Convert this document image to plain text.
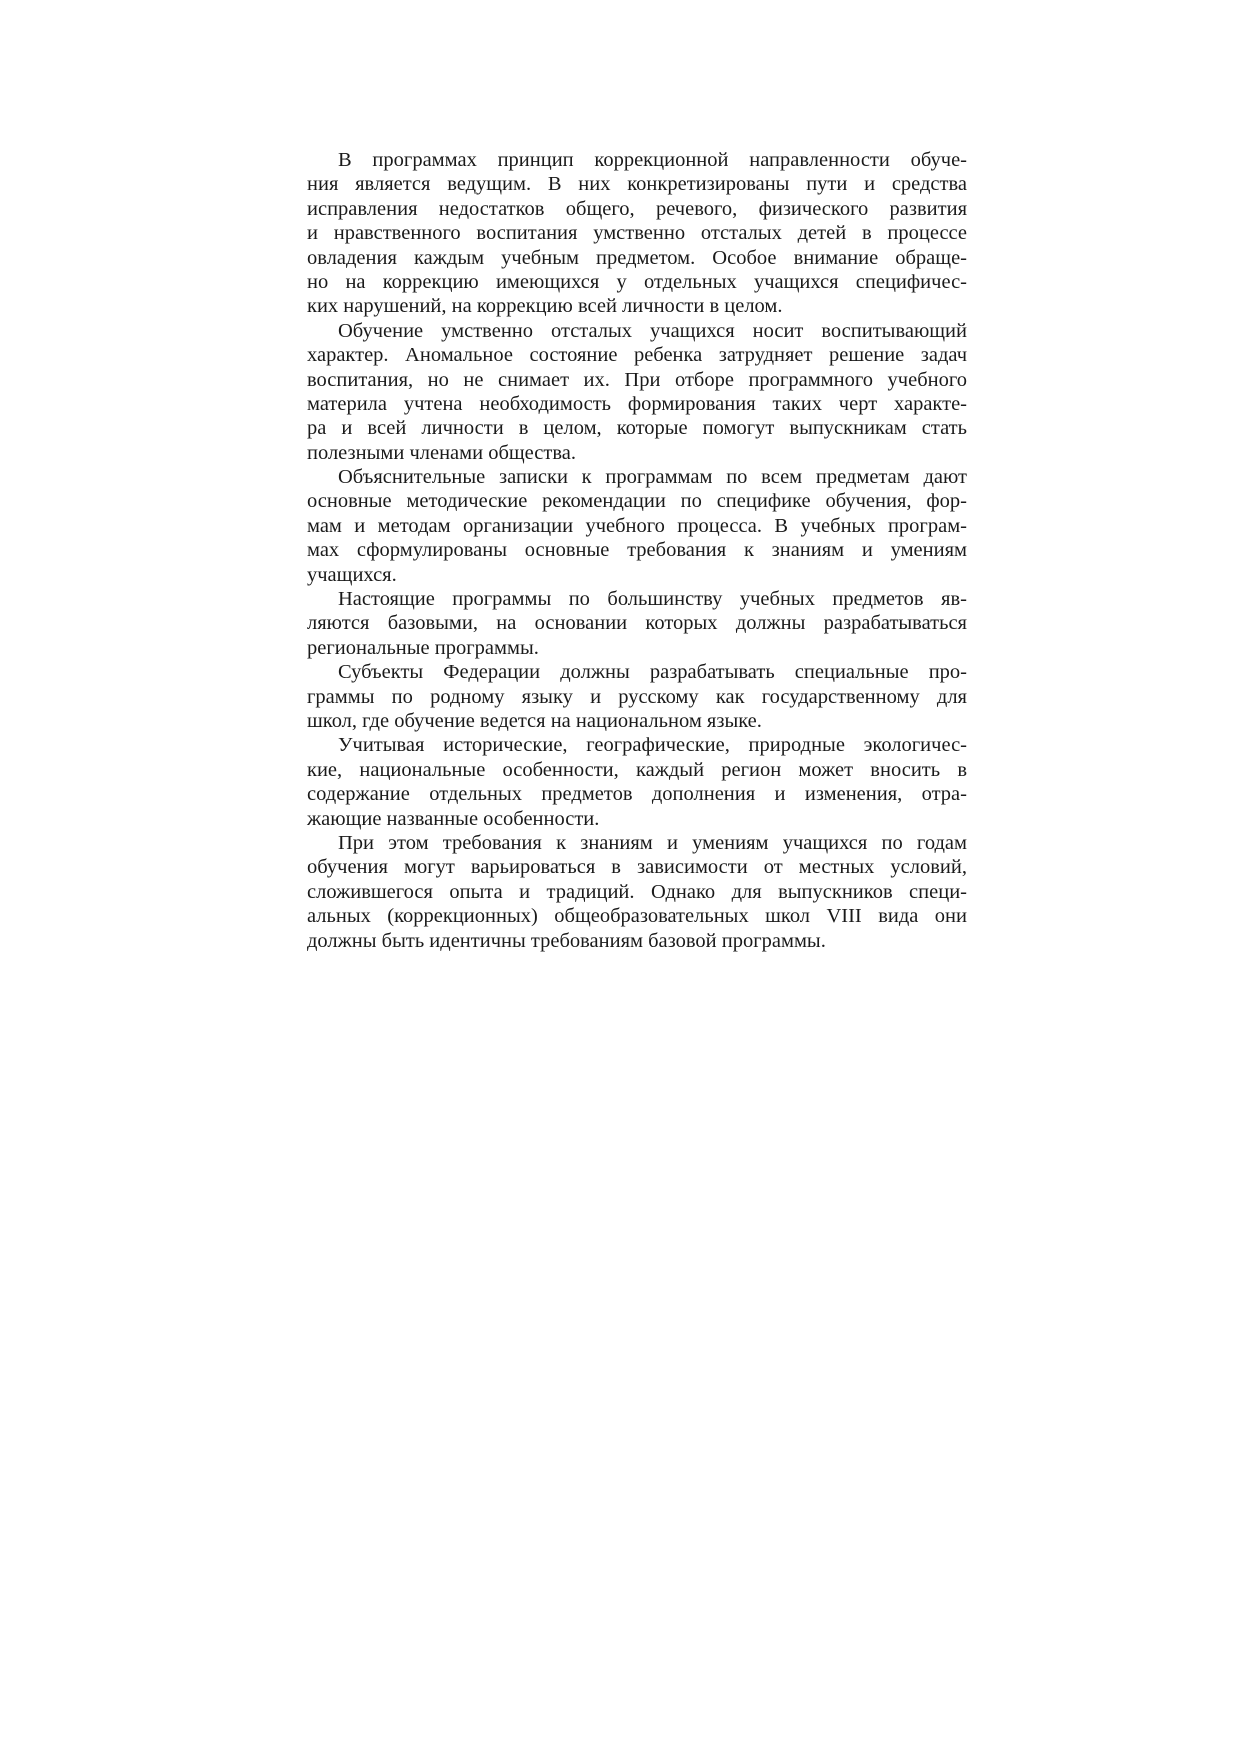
В программах принцип коррекционной направленности обуче-
ния является ведущим. В них конкретизированы пути и средства
исправления недостатков общего, речевого, физического развития
и нравственного воспитания умственно отсталых детей в процессе
овладения каждым учебным предметом. Особое внимание обраще-
но на коррекцию имеющихся у отдельных учащихся специфичес-
ких нарушений, на коррекцию всей личности в целом.
Обучение умственно отсталых учащихся носит воспитывающий
характер. Аномальное состояние ребенка затрудняет решение задач
воспитания, но не снимает их. При отборе программного учебного
материла учтена необходимость формирования таких черт характе-
ра и всей личности в целом, которые помогут выпускникам стать
полезными членами общества.
Объяснительные записки к программам по всем предметам дают
основные методические рекомендации по специфике обучения, фор-
мам и методам организации учебного процесса. В учебных програм-
мах сформулированы основные требования к знаниям и умениям
учащихся.
Настоящие программы по большинству учебных предметов яв-
ляются базовыми, на основании которых должны разрабатываться
региональные программы.
Субъекты Федерации должны разрабатывать специальные про-
граммы по родному языку и русскому как государственному для
школ, где обучение ведется на национальном языке.
Учитывая исторические, географические, природные экологичес-
кие, национальные особенности, каждый регион может вносить в
содержание отдельных предметов дополнения и изменения, отра-
жающие названные особенности.
При этом требования к знаниям и умениям учащихся по годам
обучения могут варьироваться в зависимости от местных условий,
сложившегося опыта и традиций. Однако для выпускников специ-
альных (коррекционных) общеобразовательных школ VIII вида они
должны быть идентичны требованиям базовой программы.
